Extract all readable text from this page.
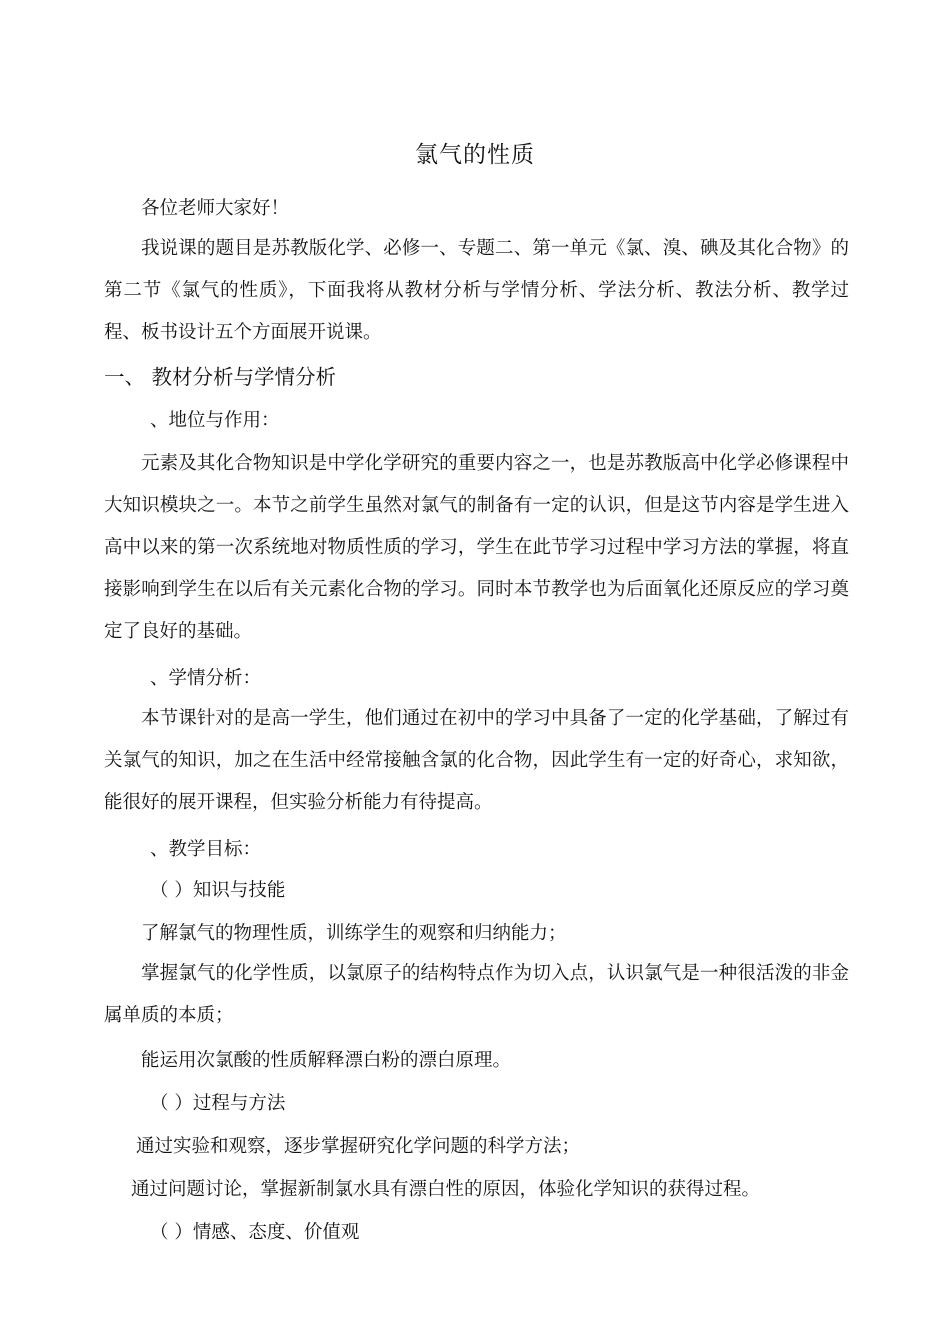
氯气的性质
各位老师大家好！
我说课的题目是苏教版化学、必修一、专题二、第一单元《氯、溴、碘及其化合物》的第二节《氯气的性质》，下面我将从教材分析与学情分析、学法分析、教法分析、教学过程、板书设计五个方面展开说课。
一、 教材分析与学情分析
、地位与作用：
元素及其化合物知识是中学化学研究的重要内容之一，也是苏教版高中化学必修课程中　大知识模块之一。本节之前学生虽然对氯气的制备有一定的认识，但是这节内容是学生进入高中以来的第一次系统地对物质性质的学习，学生在此节学习过程中学习方法的掌握，将直接影响到学生在以后有关元素化合物的学习。同时本节教学也为后面氧化还原反应的学习奠定了良好的基础。
、学情分析：
本节课针对的是高一学生，他们通过在初中的学习中具备了一定的化学基础，了解过有关氯气的知识，加之在生活中经常接触含氯的化合物，因此学生有一定的好奇心，求知欲，能很好的展开课程，但实验分析能力有待提高。
、教学目标：
（ ）知识与技能
了解氯气的物理性质，训练学生的观察和归纳能力；
掌握氯气的化学性质，以氯原子的结构特点作为切入点，认识氯气是一种很活泼的非金属单质的本质；
能运用次氯酸的性质解释漂白粉的漂白原理。
（ ）过程与方法
通过实验和观察，逐步掌握研究化学问题的科学方法；
通过问题讨论，掌握新制氯水具有漂白性的原因，体验化学知识的获得过程。
（ ）情感、态度、价值观
